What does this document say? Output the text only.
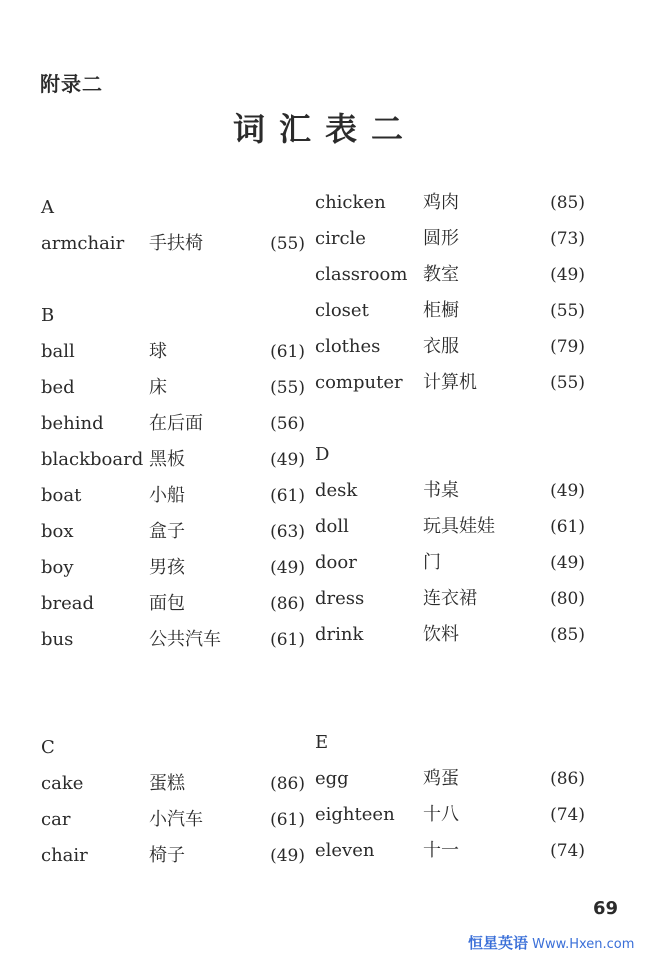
附录二
词汇表二
A
armchair 手扶椅	(55)
B
ball	球	(61)
bed	床	(55)
behind	在后面	(56)
blackboard 黑板	(49)
boat	小船	(61)
box	盒子	(63)
boy	男孩	(49)
bread	面包	(86)
bus	公共汽车	(61)
C
cake	蛋糕	(86)
car	小汽车	(61)
chair	椅子	(49)
chicken 鸡肉	(85)
circle	圆形	(73)
classroom 教室	(49)
closet	柜橱	(55)
clothes 衣服	(79)
computer 计算机	(55)
D
desk	书桌	(49)
doll	玩具娃娃	(61)
door	门	(49)
dress	连衣裙	(80)
drink	饮料	(85)
E
egg	鸡蛋	(86)
eighteen 十八	(74)
eleven	十一	(74)
69
恒星英语 Www.Hxen.com
